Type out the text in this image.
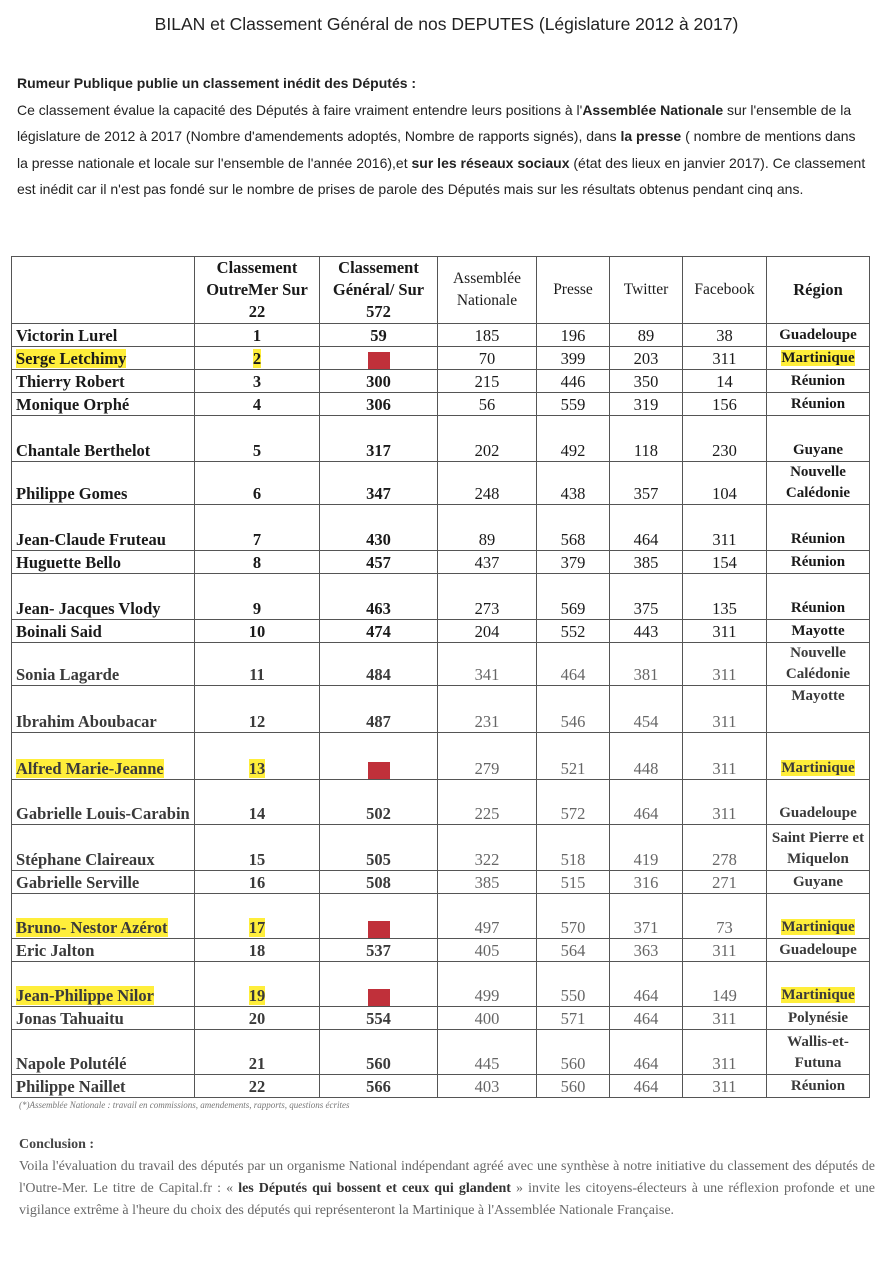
BILAN et Classement Général de nos DEPUTES (Législature 2012 à 2017)
Rumeur Publique publie un classement inédit des Députés :
Ce classement évalue la capacité des Députés à faire vraiment entendre leurs positions à l'Assemblée Nationale sur l'ensemble de la législature de 2012 à 2017 (Nombre d'amendements adoptés, Nombre de rapports signés), dans la presse ( nombre de mentions dans la presse nationale et locale sur l'ensemble de l'année 2016),et sur les réseaux sociaux (état des lieux en janvier 2017). Ce classement est inédit car il n'est pas fondé sur le nombre de prises de parole des Députés mais sur les résultats obtenus pendant cinq ans.
	Classement OutreMer Sur 22	Classement Général/ Sur 572	Assemblée Nationale	Presse	Twitter	Facebook	Région
Victorin Lurel	1	59	185	196	89	38	Guadeloupe
Serge Letchimy	2		70	399	203	311	Martinique
Thierry Robert	3	300	215	446	350	14	Réunion
Monique Orphé	4	306	56	559	319	156	Réunion
Chantale Berthelot	5	317	202	492	118	230	Guyane
Philippe Gomes	6	347	248	438	357	104	Nouvelle Calédonie
Jean-Claude Fruteau	7	430	89	568	464	311	Réunion
Huguette Bello	8	457	437	379	385	154	Réunion
Jean- Jacques Vlody	9	463	273	569	375	135	Réunion
Boinali Said	10	474	204	552	443	311	Mayotte
Sonia Lagarde	11	484	341	464	381	311	Nouvelle Calédonie
Ibrahim Aboubacar	12	487	231	546	454	311	Mayotte
Alfred Marie-Jeanne	13		279	521	448	311	Martinique
Gabrielle Louis-Carabin	14	502	225	572	464	311	Guadeloupe
Stéphane Claireaux	15	505	322	518	419	278	Saint Pierre et Miquelon
Gabrielle Serville	16	508	385	515	316	271	Guyane
Bruno- Nestor Azérot	17		497	570	371	73	Martinique
Eric Jalton	18	537	405	564	363	311	Guadeloupe
Jean-Philippe Nilor	19		499	550	464	149	Martinique
Jonas Tahuaitu	20	554	400	571	464	311	Polynésie
Napole Polutélé	21	560	445	560	464	311	Wallis-et-Futuna
Philippe Naillet	22	566	403	560	464	311	Réunion
(*)Assemblée Nationale : travail en commissions, amendements, rapports, questions écrites
Conclusion :
Voila l'évaluation du travail des députés par un organisme National indépendant agréé avec une synthèse à notre initiative du classement des députés de l'Outre-Mer. Le titre de Capital.fr : « les Députés qui bossent et ceux qui glandent » invite les citoyens-électeurs à une réflexion profonde et une vigilance extrême à l'heure du choix des députés qui représenteront la Martinique à l'Assemblée Nationale Française.
